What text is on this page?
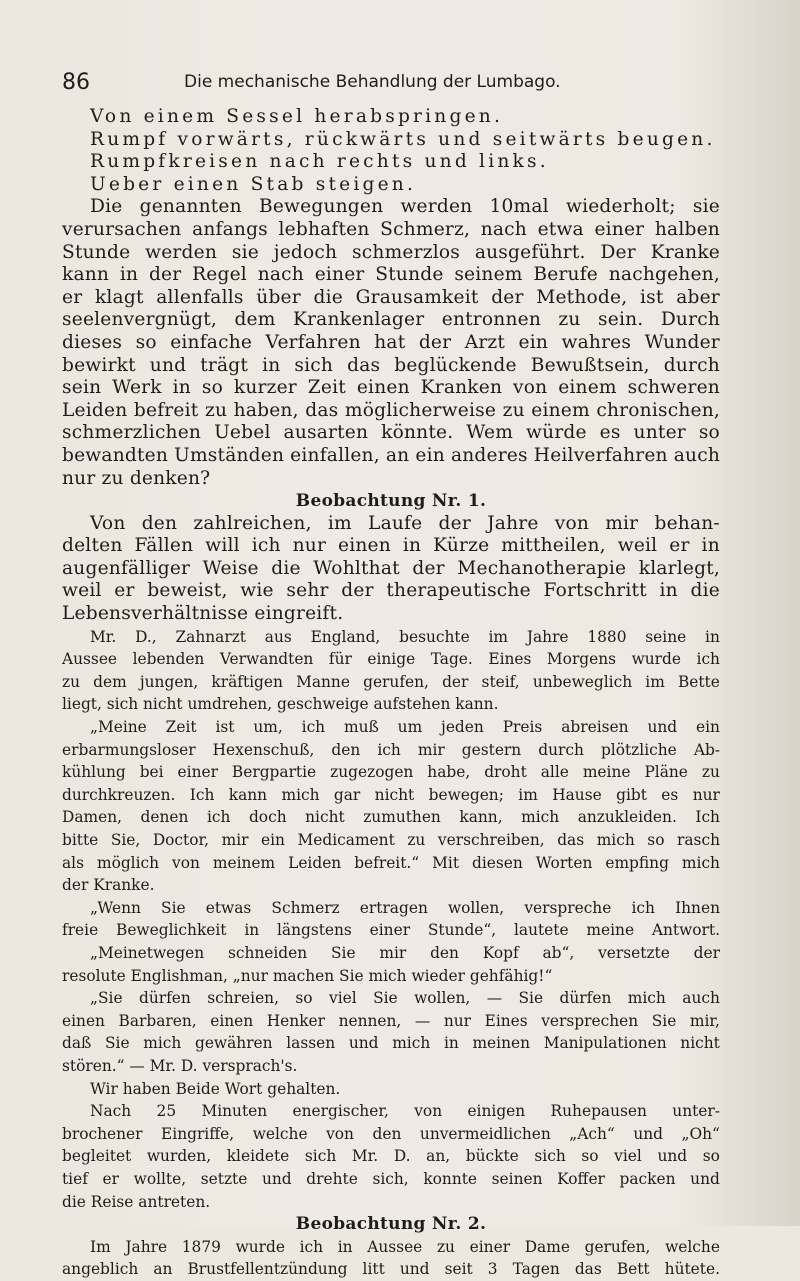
86	Die mechanische Behandlung der Lumbago.
Von einem Sessel herabspringen.
Rumpf vorwärts, rückwärts und seitwärts beugen.
Rumpfkreisen nach rechts und links.
Ueber einen Stab steigen.
Die genannten Bewegungen werden 10mal wiederholt; sie
verursachen anfangs lebhaften Schmerz, nach etwa einer halben
Stunde werden sie jedoch schmerzlos ausgeführt. Der Kranke
kann in der Regel nach einer Stunde seinem Berufe nachgehen,
er klagt allenfalls über die Grausamkeit der Methode, ist aber
seelenvergnügt, dem Krankenlager entronnen zu sein. Durch
dieses so einfache Verfahren hat der Arzt ein wahres Wunder
bewirkt und trägt in sich das beglückende Bewußtsein, durch
sein Werk in so kurzer Zeit einen Kranken von einem schweren
Leiden befreit zu haben, das möglicherweise zu einem chronischen,
schmerzlichen Uebel ausarten könnte. Wem würde es unter so
bewandten Umständen einfallen, an ein anderes Heilverfahren auch
nur zu denken?
Beobachtung Nr. 1.
Von den zahlreichen, im Laufe der Jahre von mir behan-
delten Fällen will ich nur einen in Kürze mittheilen, weil er in
augenfälliger Weise die Wohlthat der Mechanotherapie klarlegt,
weil er beweist, wie sehr der therapeutische Fortschritt in die
Lebensverhältnisse eingreift.
Mr. D., Zahnarzt aus England, besuchte im Jahre 1880 seine in
Aussee lebenden Verwandten für einige Tage. Eines Morgens wurde ich
zu dem jungen, kräftigen Manne gerufen, der steif, unbeweglich im Bette
liegt, sich nicht umdrehen, geschweige aufstehen kann.
„Meine Zeit ist um, ich muß um jeden Preis abreisen und ein
erbarmungsloser Hexenschuß, den ich mir gestern durch plötzliche Ab-
kühlung bei einer Bergpartie zugezogen habe, droht alle meine Pläne zu
durchkreuzen. Ich kann mich gar nicht bewegen; im Hause gibt es nur
Damen, denen ich doch nicht zumuthen kann, mich anzukleiden. Ich
bitte Sie, Doctor, mir ein Medicament zu verschreiben, das mich so rasch
als möglich von meinem Leiden befreit.“ Mit diesen Worten empfing mich
der Kranke.
„Wenn Sie etwas Schmerz ertragen wollen, verspreche ich Ihnen
freie Beweglichkeit in längstens einer Stunde“, lautete meine Antwort.
„Meinetwegen schneiden Sie mir den Kopf ab“, versetzte der
resolute Englishman, „nur machen Sie mich wieder gehfähig!“
„Sie dürfen schreien, so viel Sie wollen, — Sie dürfen mich auch
einen Barbaren, einen Henker nennen, — nur Eines versprechen Sie mir,
daß Sie mich gewähren lassen und mich in meinen Manipulationen nicht
stören.“ — Mr. D. versprach's.
Wir haben Beide Wort gehalten.
Nach 25 Minuten energischer, von einigen Ruhepausen unter-
brochener Eingriffe, welche von den unvermeidlichen „Ach“ und „Oh“
begleitet wurden, kleidete sich Mr. D. an, bückte sich so viel und so
tief er wollte, setzte und drehte sich, konnte seinen Koffer packen und
die Reise antreten.
Beobachtung Nr. 2.
Im Jahre 1879 wurde ich in Aussee zu einer Dame gerufen, welche
angeblich an Brustfellentzündung litt und seit 3 Tagen das Bett hütete.
